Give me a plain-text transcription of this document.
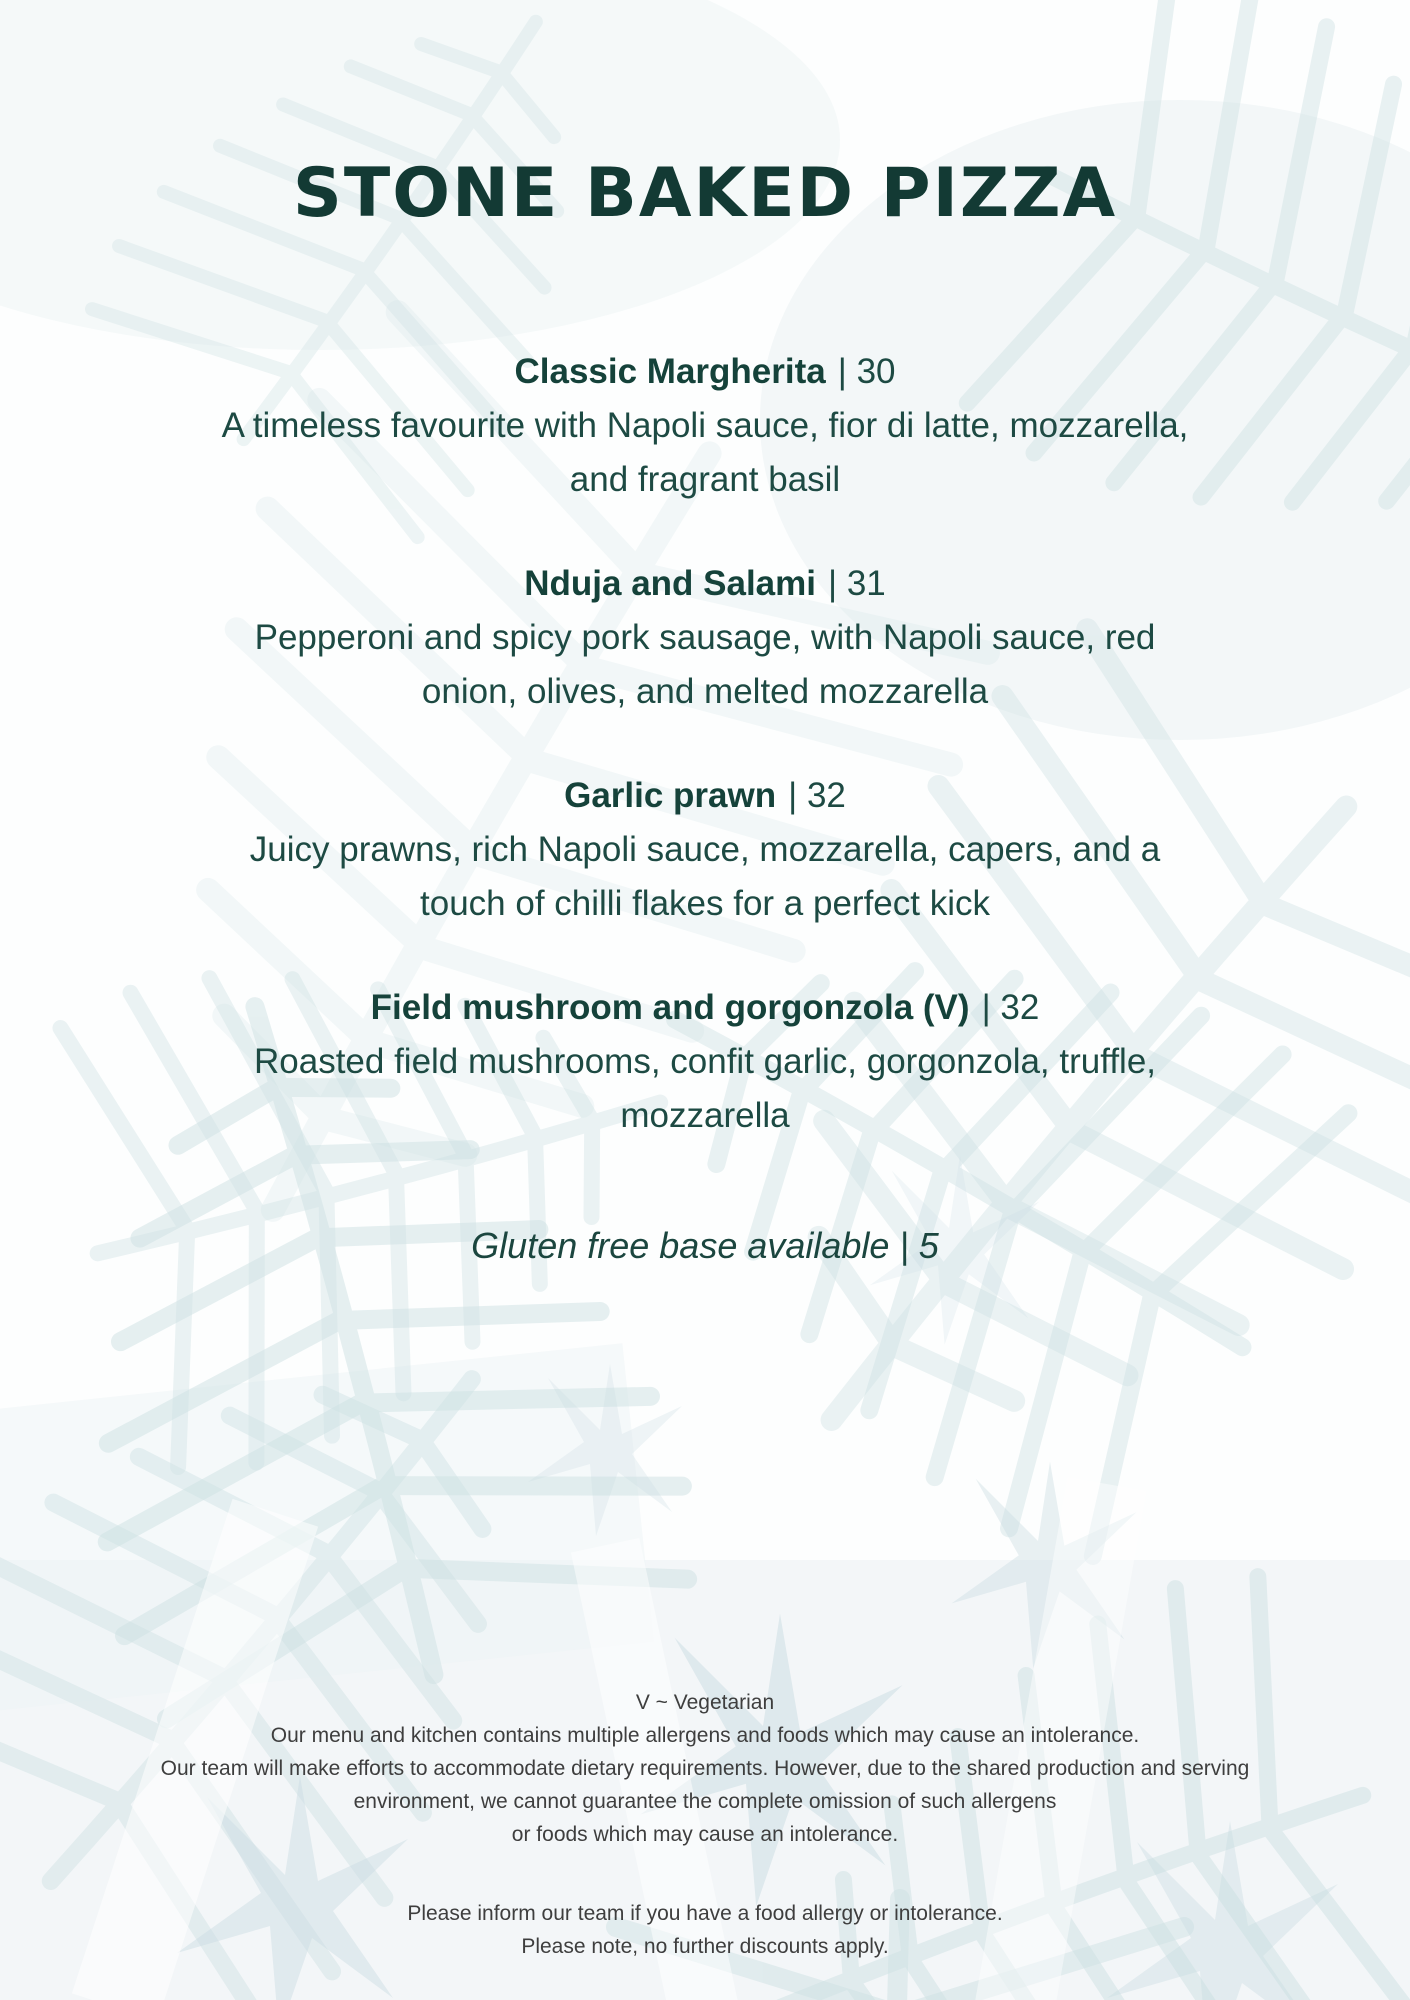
STONE BAKED PIZZA
Classic Margherita | 30
A timeless favourite with Napoli sauce, fior di latte, mozzarella,
and fragrant basil
Nduja and Salami | 31
Pepperoni and spicy pork sausage, with Napoli sauce, red
onion, olives, and melted mozzarella
Garlic prawn | 32
Juicy prawns, rich Napoli sauce, mozzarella, capers, and a
touch of chilli flakes for a perfect kick
Field mushroom and gorgonzola (V) | 32
Roasted field mushrooms, confit garlic, gorgonzola, truffle,
mozzarella
Gluten free base available | 5
V ~ Vegetarian
Our menu and kitchen contains multiple allergens and foods which may cause an intolerance.
Our team will make efforts to accommodate dietary requirements. However, due to the shared production and serving
environment, we cannot guarantee the complete omission of such allergens
or foods which may cause an intolerance.
Please inform our team if you have a food allergy or intolerance.
Please note, no further discounts apply.
